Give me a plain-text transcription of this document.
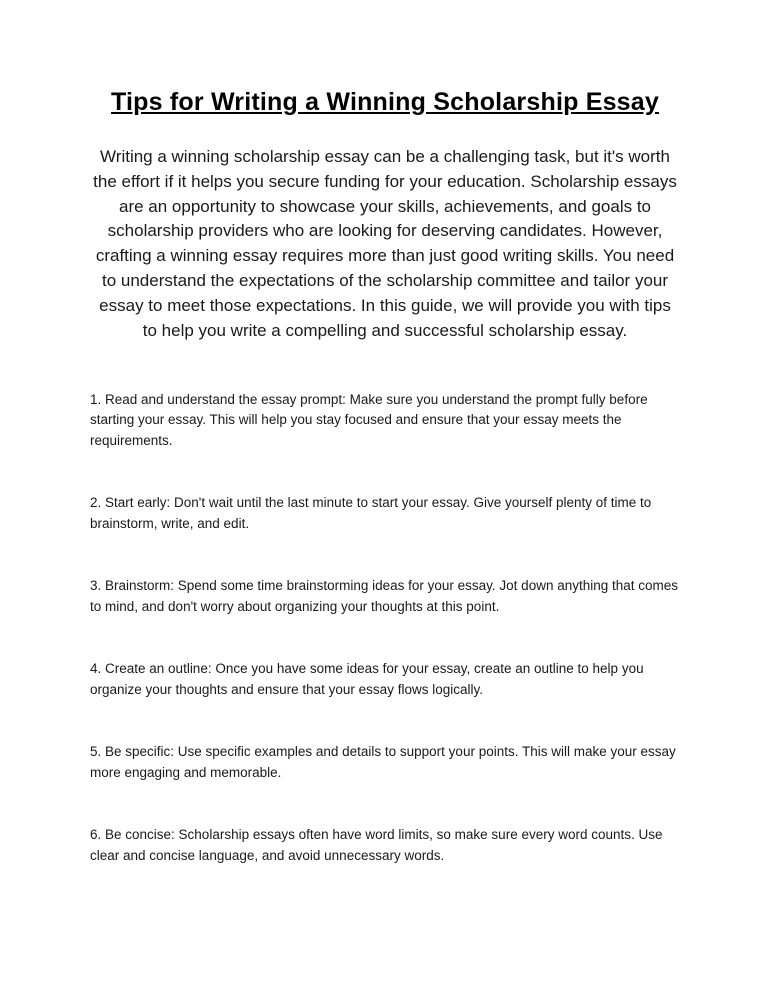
Tips for Writing a Winning Scholarship Essay

Writing a winning scholarship essay can be a challenging task, but it's worth the effort if it helps you secure funding for your education. Scholarship essays are an opportunity to showcase your skills, achievements, and goals to scholarship providers who are looking for deserving candidates. However, crafting a winning essay requires more than just good writing skills. You need to understand the expectations of the scholarship committee and tailor your essay to meet those expectations. In this guide, we will provide you with tips to help you write a compelling and successful scholarship essay.

1. Read and understand the essay prompt: Make sure you understand the prompt fully before starting your essay. This will help you stay focused and ensure that your essay meets the requirements.

2. Start early: Don't wait until the last minute to start your essay. Give yourself plenty of time to brainstorm, write, and edit.

3. Brainstorm: Spend some time brainstorming ideas for your essay. Jot down anything that comes to mind, and don't worry about organizing your thoughts at this point.

4. Create an outline: Once you have some ideas for your essay, create an outline to help you organize your thoughts and ensure that your essay flows logically.

5. Be specific: Use specific examples and details to support your points. This will make your essay more engaging and memorable.

6. Be concise: Scholarship essays often have word limits, so make sure every word counts. Use clear and concise language, and avoid unnecessary words.
